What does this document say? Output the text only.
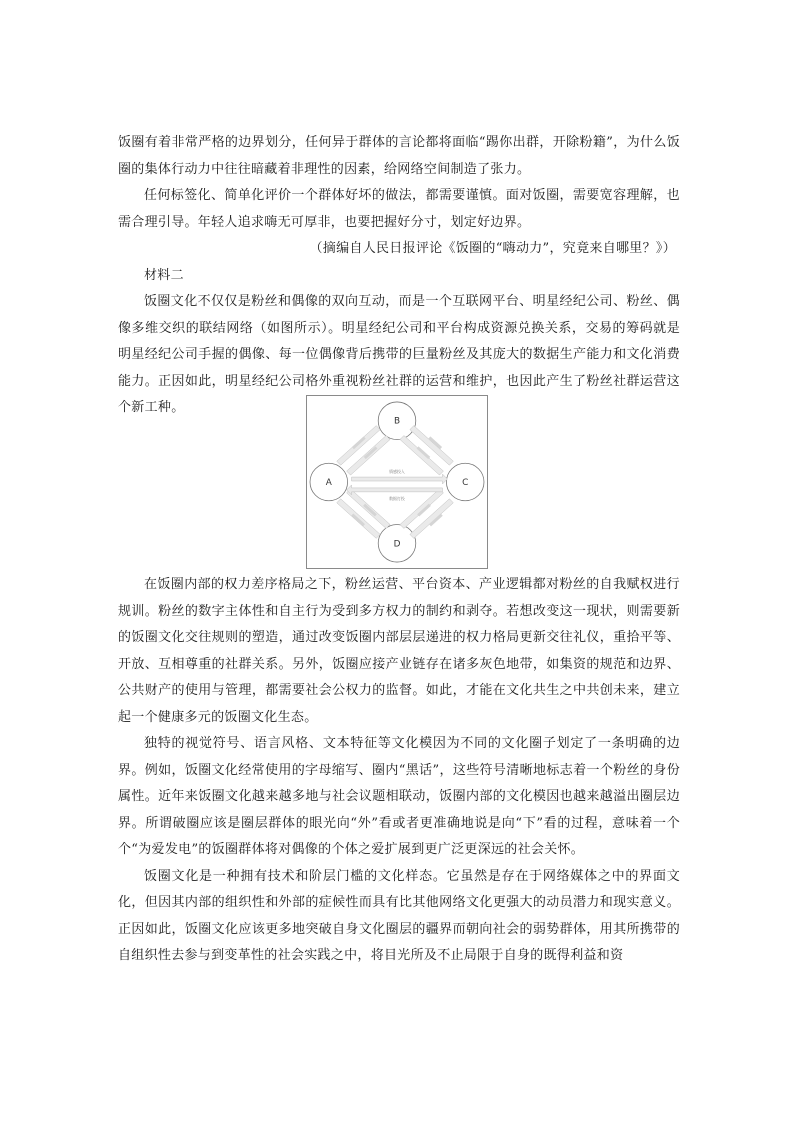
饭圈有着非常严格的边界划分，任何异于群体的言论都将面临“踢你出群，开除粉籍”，为什么饭圈的集体行动力中往往暗藏着非理性的因素，给网络空间制造了张力。

任何标签化、简单化评价一个群体好坏的做法，都需要谨慎。面对饭圈，需要宽容理解，也需合理引导。年轻人追求嗨无可厚非，也要把握好分寸，划定好边界。

（摘编自人民日报评论《饭圈的“嗨动力”，究竟来自哪里？》）

材料二

饭圈文化不仅仅是粉丝和偶像的双向互动，而是一个互联网平台、明星经纪公司、粉丝、偶像多维交织的联结网络（如图所示）。明星经纪公司和平台构成资源兑换关系，交易的筹码就是明星经纪公司手握的偶像、每一位偶像背后携带的巨量粉丝及其庞大的数据生产能力和文化消费能力。正因如此，明星经纪公司格外重视粉丝社群的运营和维护，也因此产生了粉丝社群运营这个新工种。

B
A	C
D
情感投入
数据打投

在饭圈内部的权力差序格局之下，粉丝运营、平台资本、产业逻辑都对粉丝的自我赋权进行规训。粉丝的数字主体性和自主行为受到多方权力的制约和剥夺。若想改变这一现状，则需要新的饭圈文化交往规则的塑造，通过改变饭圈内部层层递进的权力格局更新交往礼仪，重拾平等、开放、互相尊重的社群关系。另外，饭圈应接产业链存在诸多灰色地带，如集资的规范和边界、公共财产的使用与管理，都需要社会公权力的监督。如此，才能在文化共生之中共创未来，建立起一个健康多元的饭圈文化生态。

独特的视觉符号、语言风格、文本特征等文化模因为不同的文化圈子划定了一条明确的边界。例如，饭圈文化经常使用的字母缩写、圈内“黑话”，这些符号清晰地标志着一个粉丝的身份属性。近年来饭圈文化越来越多地与社会议题相联动，饭圈内部的文化模因也越来越溢出圈层边界。所谓破圈应该是圈层群体的眼光向“外”看或者更准确地说是向“下”看的过程，意味着一个个“为爱发电”的饭圈群体将对偶像的个体之爱扩展到更广泛更深远的社会关怀。

饭圈文化是一种拥有技术和阶层门槛的文化样态。它虽然是存在于网络媒体之中的界面文化，但因其内部的组织性和外部的症候性而具有比其他网络文化更强大的动员潜力和现实意义。正因如此，饭圈文化应该更多地突破自身文化圈层的疆界而朝向社会的弱势群体，用其所携带的自组织性去参与到变革性的社会实践之中，将目光所及不止局限于自身的既得利益和资
